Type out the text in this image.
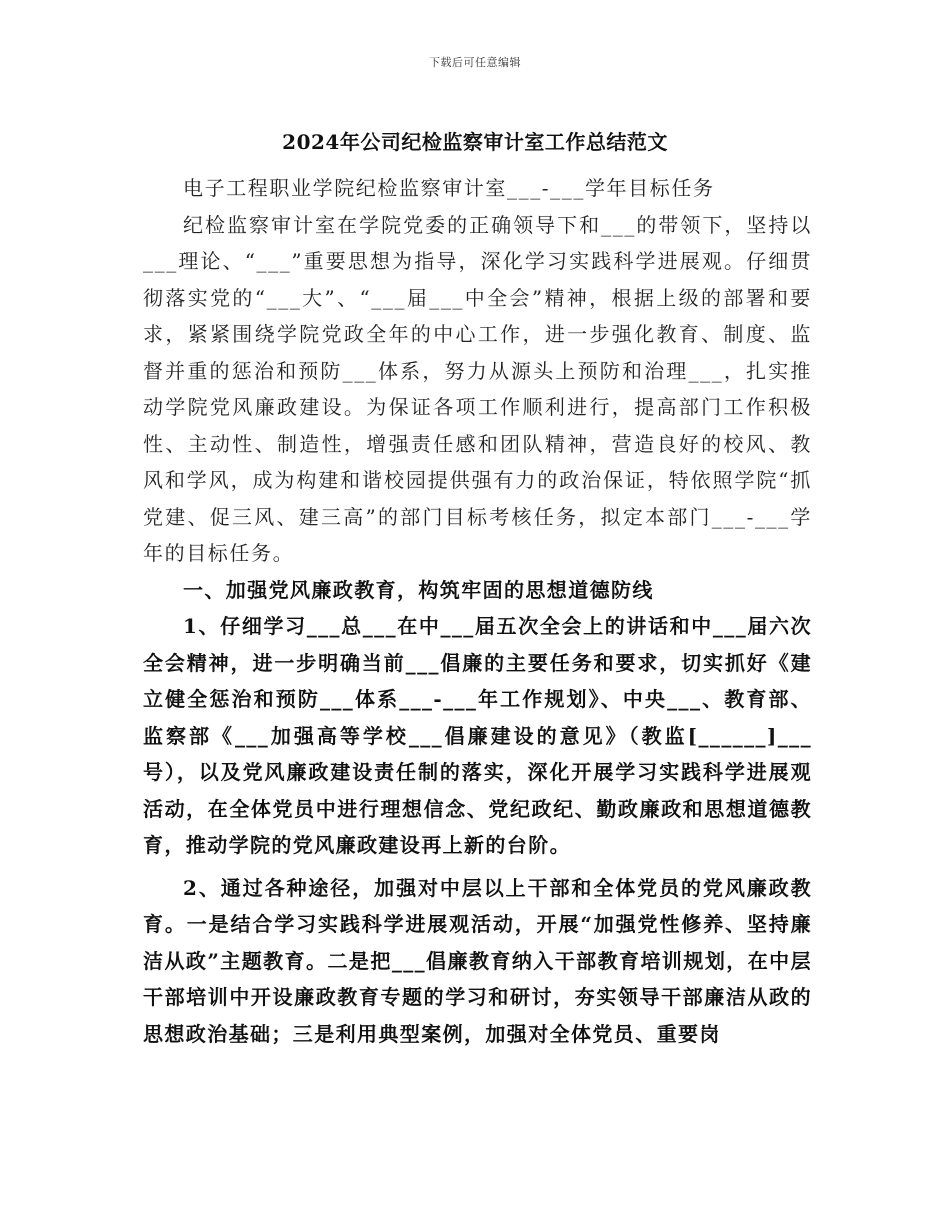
下载后可任意编辑
2024年公司纪检监察审计室工作总结范文

电子工程职业学院纪检监察审计室___-___学年目标任务

纪检监察审计室在学院党委的正确领导下和___的带领下，坚持以___理论、“___”重要思想为指导，深化学习实践科学进展观。仔细贯彻落实党的“___大”、“___届___中全会”精神，根据上级的部署和要求，紧紧围绕学院党政全年的中心工作，进一步强化教育、制度、监督并重的惩治和预防___体系，努力从源头上预防和治理___，扎实推动学院党风廉政建设。为保证各项工作顺利进行，提高部门工作积极性、主动性、制造性，增强责任感和团队精神，营造良好的校风、教风和学风，成为构建和谐校园提供强有力的政治保证，特依照学院“抓党建、促三风、建三高”的部门目标考核任务，拟定本部门___-___学年的目标任务。

一、加强党风廉政教育，构筑牢固的思想道德防线

1、仔细学习___总___在中___届五次全会上的讲话和中___届六次全会精神，进一步明确当前___倡廉的主要任务和要求，切实抓好《建立健全惩治和预防___体系___-___年工作规划》、中央___、教育部、监察部《___加强高等学校___倡廉建设的意见》（教监[______]___号），以及党风廉政建设责任制的落实，深化开展学习实践科学进展观活动，在全体党员中进行理想信念、党纪政纪、勤政廉政和思想道德教育，推动学院的党风廉政建设再上新的台阶。

2、通过各种途径，加强对中层以上干部和全体党员的党风廉政教育。一是结合学习实践科学进展观活动，开展“加强党性修养、坚持廉洁从政”主题教育。二是把___倡廉教育纳入干部教育培训规划，在中层干部培训中开设廉政教育专题的学习和研讨，夯实领导干部廉洁从政的思想政治基础；三是利用典型案例，加强对全体党员、重要岗
